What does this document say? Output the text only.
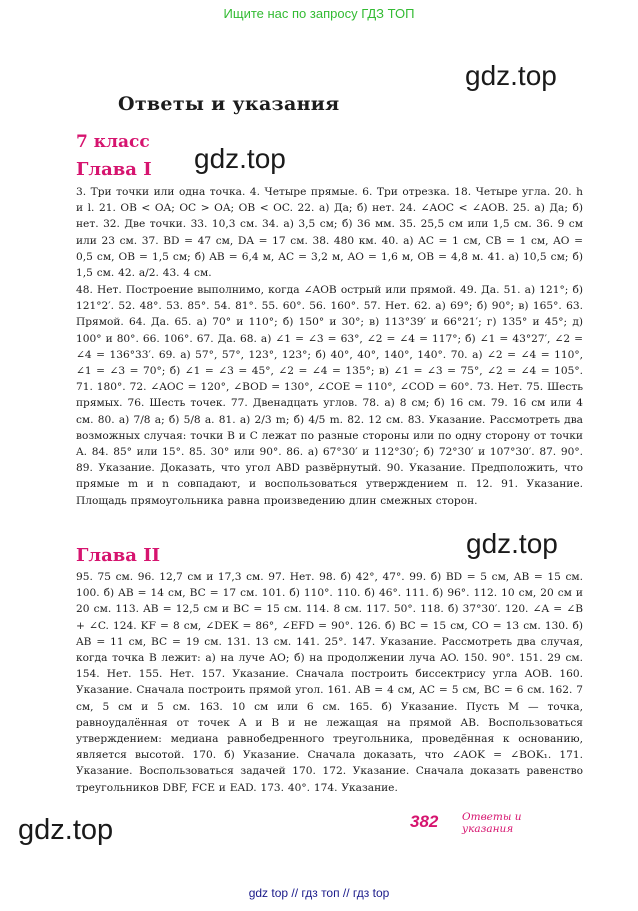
Ищите нас по запросу ГДЗ ТОП
gdz.top
gdz.top
gdz.top
gdz.top
Ответы и указания
7 класс
Глава I

3. Три точки или одна точка. 4. Четыре прямые. 6. Три отрезка. 18. Четыре угла. 20. h и l. 21. OB < OA; OC > OA; OB < OC. 22. а) Да; б) нет. 24. ∠AOC < ∠AOB. 25. а) Да; б) нет. 32. Две точки. 33. 10,3 см. 34. а) 3,5 см; б) 36 мм. 35. 25,5 см или 1,5 см. 36. 9 см или 23 см. 37. BD = 47 см, DA = 17 см. 38. 480 км. 40. а) AC = 1 см, CB = 1 см, AO = 0,5 см, OB = 1,5 см; б) AB = 6,4 м, AC = 3,2 м, AO = 1,6 м, OB = 4,8 м. 41. а) 10,5 см; б) 1,5 см. 42. a/2. 43. 4 см.

48. Нет. Построение выполнимо, когда ∠AOB острый или прямой. 49. Да. 51. а) 121°; б) 121°2′. 52. 48°. 53. 85°. 54. 81°. 55. 60°. 56. 160°. 57. Нет. 62. а) 69°; б) 90°; в) 165°. 63. Прямой. 64. Да. 65. а) 70° и 110°; б) 150° и 30°; в) 113°39′ и 66°21′; г) 135° и 45°; д) 100° и 80°. 66. 106°. 67. Да. 68. а) ∠1 = ∠3 = 63°, ∠2 = ∠4 = 117°; б) ∠1 = 43°27′, ∠2 = ∠4 = 136°33′. 69. а) 57°, 57°, 123°, 123°; б) 40°, 40°, 140°, 140°. 70. а) ∠2 = ∠4 = 110°, ∠1 = ∠3 = 70°; б) ∠1 = ∠3 = 45°, ∠2 = ∠4 = 135°; в) ∠1 = ∠3 = 75°, ∠2 = ∠4 = 105°. 71. 180°. 72. ∠AOC = 120°, ∠BOD = 130°, ∠COE = 110°, ∠COD = 60°. 73. Нет. 75. Шесть прямых. 76. Шесть точек. 77. Двенадцать углов. 78. а) 8 см; б) 16 см. 79. 16 см или 4 см. 80. а) 7/8 a; б) 5/8 a. 81. а) 2/3 m; б) 4/5 m. 82. 12 см. 83. Указание. Рассмотреть два возможных случая: точки B и C лежат по разные стороны или по одну сторону от точки A. 84. 85° или 15°. 85. 30° или 90°. 86. а) 67°30′ и 112°30′; б) 72°30′ и 107°30′. 87. 90°. 89. Указание. Доказать, что угол ABD развёрнутый. 90. Указание. Предположить, что прямые m и n совпадают, и воспользоваться утверждением п. 12. 91. Указание. Площадь прямоугольника равна произведению длин смежных сторон.

Глава II

95. 75 см. 96. 12,7 см и 17,3 см. 97. Нет. 98. б) 42°, 47°. 99. б) BD = 5 см, AB = 15 см. 100. б) AB = 14 см, BC = 17 см. 101. б) 110°. 110. б) 46°. 111. б) 96°. 112. 10 см, 20 см и 20 см. 113. AB = 12,5 см и BC = 15 см. 114. 8 см. 117. 50°. 118. б) 37°30′. 120. ∠A = ∠B + ∠C. 124. KF = 8 см, ∠DEK = 86°, ∠EFD = 90°. 126. б) BC = 15 см, CO = 13 см. 130. б) AB = 11 см, BC = 19 см. 131. 13 см. 141. 25°. 147. Указание. Рассмотреть два случая, когда точка B лежит: а) на луче AO; б) на продолжении луча AO. 150. 90°. 151. 29 см. 154. Нет. 155. Нет. 157. Указание. Сначала построить биссектрису угла AOB. 160. Указание. Сначала построить прямой угол. 161. AB = 4 см, AC = 5 см, BC = 6 см. 162. 7 см, 5 см и 5 см. 163. 10 см или 6 см. 165. б) Указание. Пусть M — точка, равноудалённая от точек A и B и не лежащая на прямой AB. Воспользоваться утверждением: медиана равнобедренного треугольника, проведённая к основанию, является высотой. 170. б) Указание. Сначала доказать, что ∠AOK = ∠BOK₁. 171. Указание. Воспользоваться задачей 170. 172. Указание. Сначала доказать равенство треугольников DBF, FCE и EAD. 173. 40°. 174. Указание.

382 Ответы и указания
gdz top // гдз топ // гдз top
